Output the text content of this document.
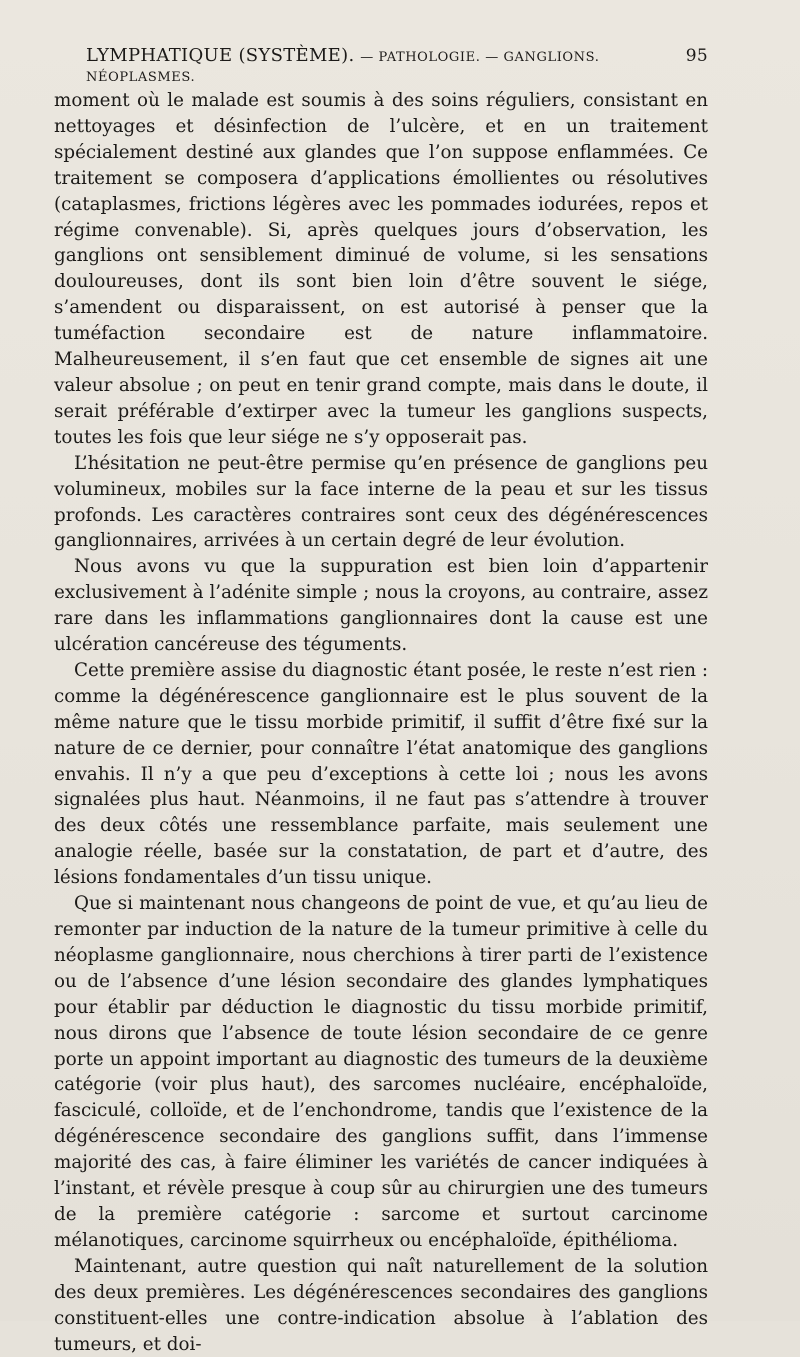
LYMPHATIQUE (SYSTÈME). — PATHOLOGIE. — GANGLIONS. NÉOPLASMES.
95

moment où le malade est soumis à des soins réguliers, consistant en nettoyages et désinfection de l’ulcère, et en un traitement spécialement destiné aux glandes que l’on suppose enflammées. Ce traitement se composera d’applications émollientes ou résolutives (cataplasmes, frictions légères avec les pommades iodurées, repos et régime convenable). Si, après quelques jours d’observation, les ganglions ont sensiblement diminué de volume, si les sensations douloureuses, dont ils sont bien loin d’être souvent le siége, s’amendent ou disparaissent, on est autorisé à penser que la tuméfaction secondaire est de nature inflammatoire. Malheureusement, il s’en faut que cet ensemble de signes ait une valeur absolue ; on peut en tenir grand compte, mais dans le doute, il serait préférable d’extirper avec la tumeur les ganglions suspects, toutes les fois que leur siége ne s’y opposerait pas.

L’hésitation ne peut-être permise qu’en présence de ganglions peu volumineux, mobiles sur la face interne de la peau et sur les tissus profonds. Les caractères contraires sont ceux des dégénérescences ganglionnaires, arrivées à un certain degré de leur évolution.

Nous avons vu que la suppuration est bien loin d’appartenir exclusivement à l’adénite simple ; nous la croyons, au contraire, assez rare dans les inflammations ganglionnaires dont la cause est une ulcération cancéreuse des téguments.

Cette première assise du diagnostic étant posée, le reste n’est rien : comme la dégénérescence ganglionnaire est le plus souvent de la même nature que le tissu morbide primitif, il suffit d’être fixé sur la nature de ce dernier, pour connaître l’état anatomique des ganglions envahis. Il n’y a que peu d’exceptions à cette loi ; nous les avons signalées plus haut. Néanmoins, il ne faut pas s’attendre à trouver des deux côtés une ressemblance parfaite, mais seulement une analogie réelle, basée sur la constatation, de part et d’autre, des lésions fondamentales d’un tissu unique.

Que si maintenant nous changeons de point de vue, et qu’au lieu de remonter par induction de la nature de la tumeur primitive à celle du néoplasme ganglionnaire, nous cherchions à tirer parti de l’existence ou de l’absence d’une lésion secondaire des glandes lymphatiques pour établir par déduction le diagnostic du tissu morbide primitif, nous dirons que l’absence de toute lésion secondaire de ce genre porte un appoint important au diagnostic des tumeurs de la deuxième catégorie (voir plus haut), des sarcomes nucléaire, encéphaloïde, fasciculé, colloïde, et de l’enchondrome, tandis que l’existence de la dégénérescence secondaire des ganglions suffit, dans l’immense majorité des cas, à faire éliminer les variétés de cancer indiquées à l’instant, et révèle presque à coup sûr au chirurgien une des tumeurs de la première catégorie : sarcome et surtout carcinome mélanotiques, carcinome squirrheux ou encéphaloïde, épithélioma.

Maintenant, autre question qui naît naturellement de la solution des deux premières. Les dégénérescences secondaires des ganglions constituent-elles une contre-indication absolue à l’ablation des tumeurs, et doi-
